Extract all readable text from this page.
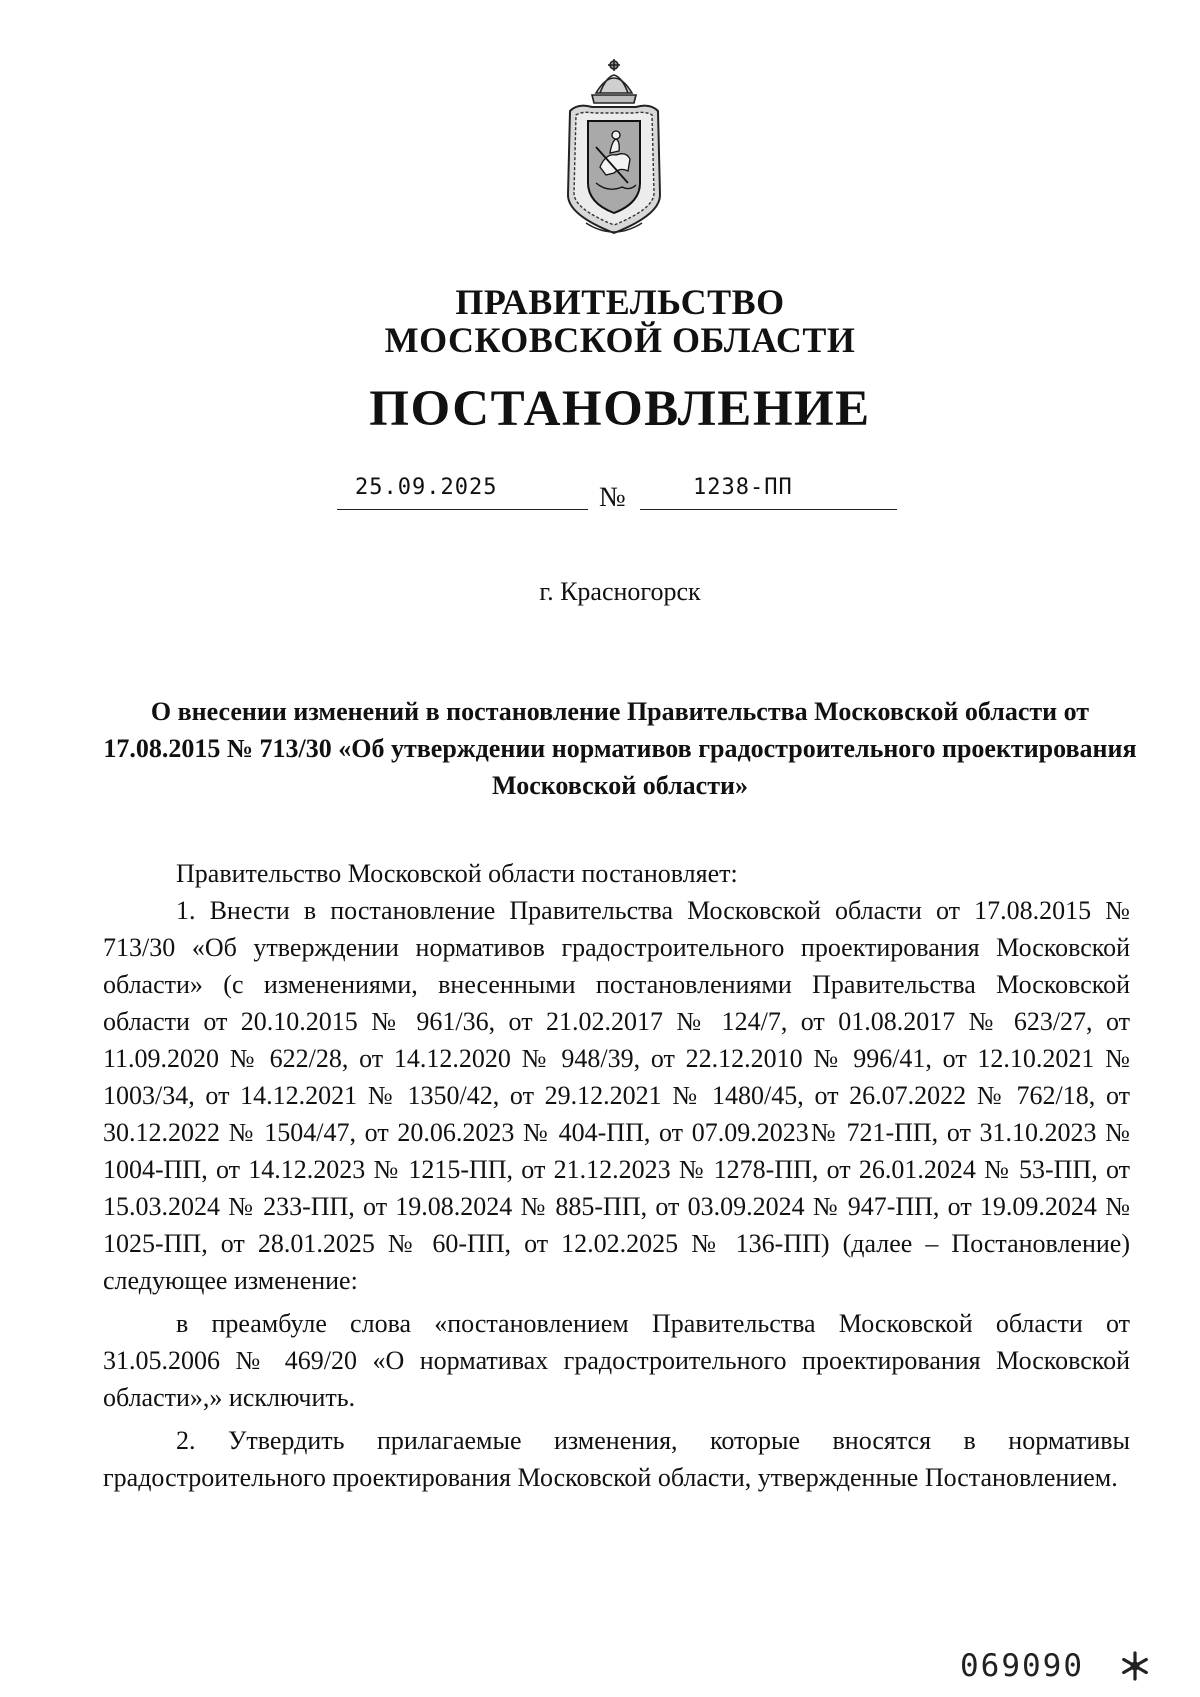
ПРАВИТЕЛЬСТВО
МОСКОВСКОЙ ОБЛАСТИ
ПОСТАНОВЛЕНИЕ
25.09.2025	№	1238-ПП
г. Красногорск
О внесении изменений в постановление Правительства Московской области от 17.08.2015 № 713/30 «Об утверждении нормативов градостроительного проектирования Московской области»

Правительство Московской области постановляет:

1. Внести в постановление Правительства Московской области от 17.08.2015 № 713/30 «Об утверждении нормативов градостроительного проектирования Московской области» (с изменениями, внесенными постановлениями Правительства Московской области от 20.10.2015 № 961/36, от 21.02.2017 № 124/7, от 01.08.2017 № 623/27, от 11.09.2020 № 622/28, от 14.12.2020 № 948/39, от 22.12.2010 № 996/41, от 12.10.2021 № 1003/34, от 14.12.2021 № 1350/42, от 29.12.2021 № 1480/45, от 26.07.2022 № 762/18, от 30.12.2022 № 1504/47, от 20.06.2023 № 404-ПП, от 07.09.2023№ 721-ПП, от 31.10.2023 № 1004-ПП, от 14.12.2023 № 1215-ПП, от 21.12.2023 № 1278-ПП, от 26.01.2024 № 53-ПП, от 15.03.2024 № 233-ПП, от 19.08.2024 № 885-ПП, от 03.09.2024 № 947-ПП, от 19.09.2024 № 1025-ПП, от 28.01.2025 № 60-ПП, от 12.02.2025 № 136-ПП) (далее – Постановление) следующее изменение:

в преамбуле слова «постановлением Правительства Московской области от 31.05.2006 № 469/20 «О нормативах градостроительного проектирования Московской области»,» исключить.

2. Утвердить прилагаемые изменения, которые вносятся в нормативы градостроительного проектирования Московской области, утвержденные Постановлением.

069090
